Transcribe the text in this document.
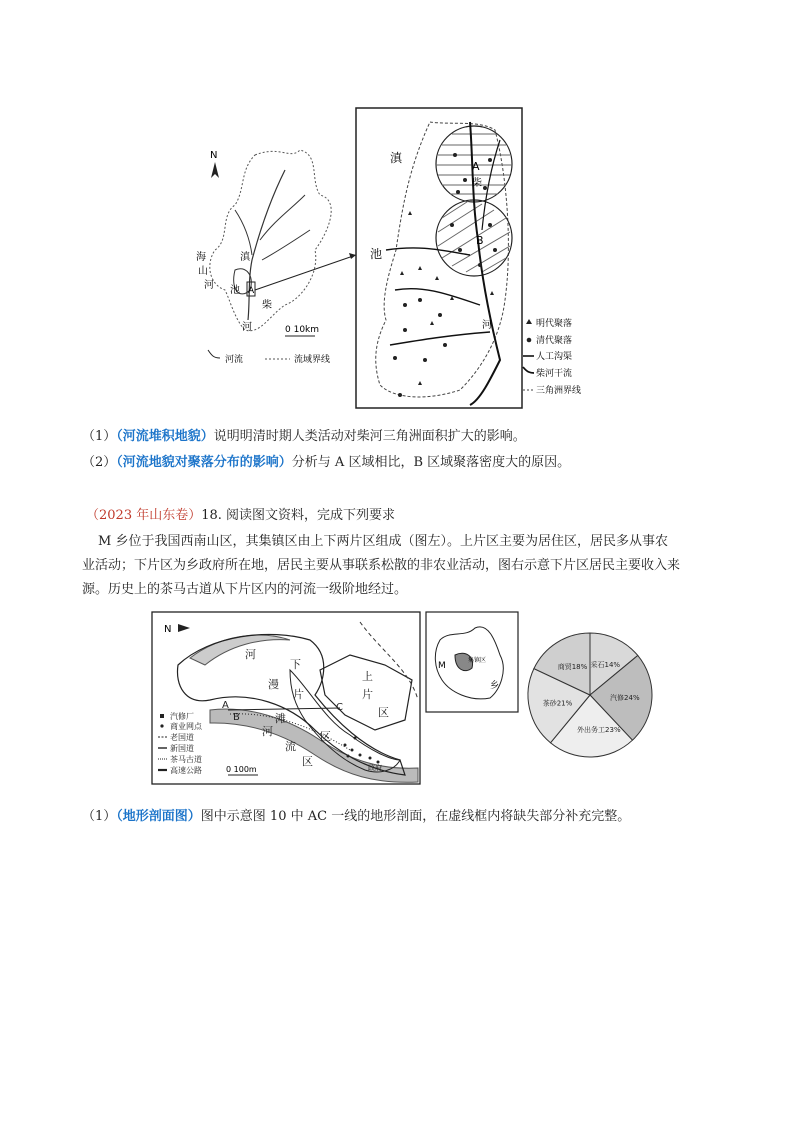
N
海
山
河
滇
池
柴
河
A
0 10km
河流	流域界线
滇
池
河
A
柴
B
明代聚落
清代聚落
人工沟渠
柴河干流
三角洲界线
（1）（河流堆积地貌）说明明清时期人类活动对柴河三角洲面积扩大的影响。
（2）（河流地貌对聚落分布的影响）分析与 A 区域相比，B 区域聚落密度大的原因。
（2023 年山东卷）18. 阅读图文资料，完成下列要求
M 乡位于我国西南山区，其集镇区由上下两片区组成（图左）。上片区主要为居住区，居民多从事农
业活动；下片区为乡政府所在地，居民主要从事联系松散的非农业活动，图右示意下片区居民主要收入来
源。历史上的茶马古道从下片区内的河流一级阶地经过。
N
河
下
漫
片
滩
区
河
流
区
上
片
区
A
B
C
政府
汽修厂
商业网点
老国道
新国道
茶马古道
高速公路	0 100m
M
集镇区
乡
采石14%
汽修24%
外出务工23%
茶砂21%
商贸18%
（1）（地形剖面图）图中示意图 10 中 AC 一线的地形剖面，在虚线框内将缺失部分补充完整。
